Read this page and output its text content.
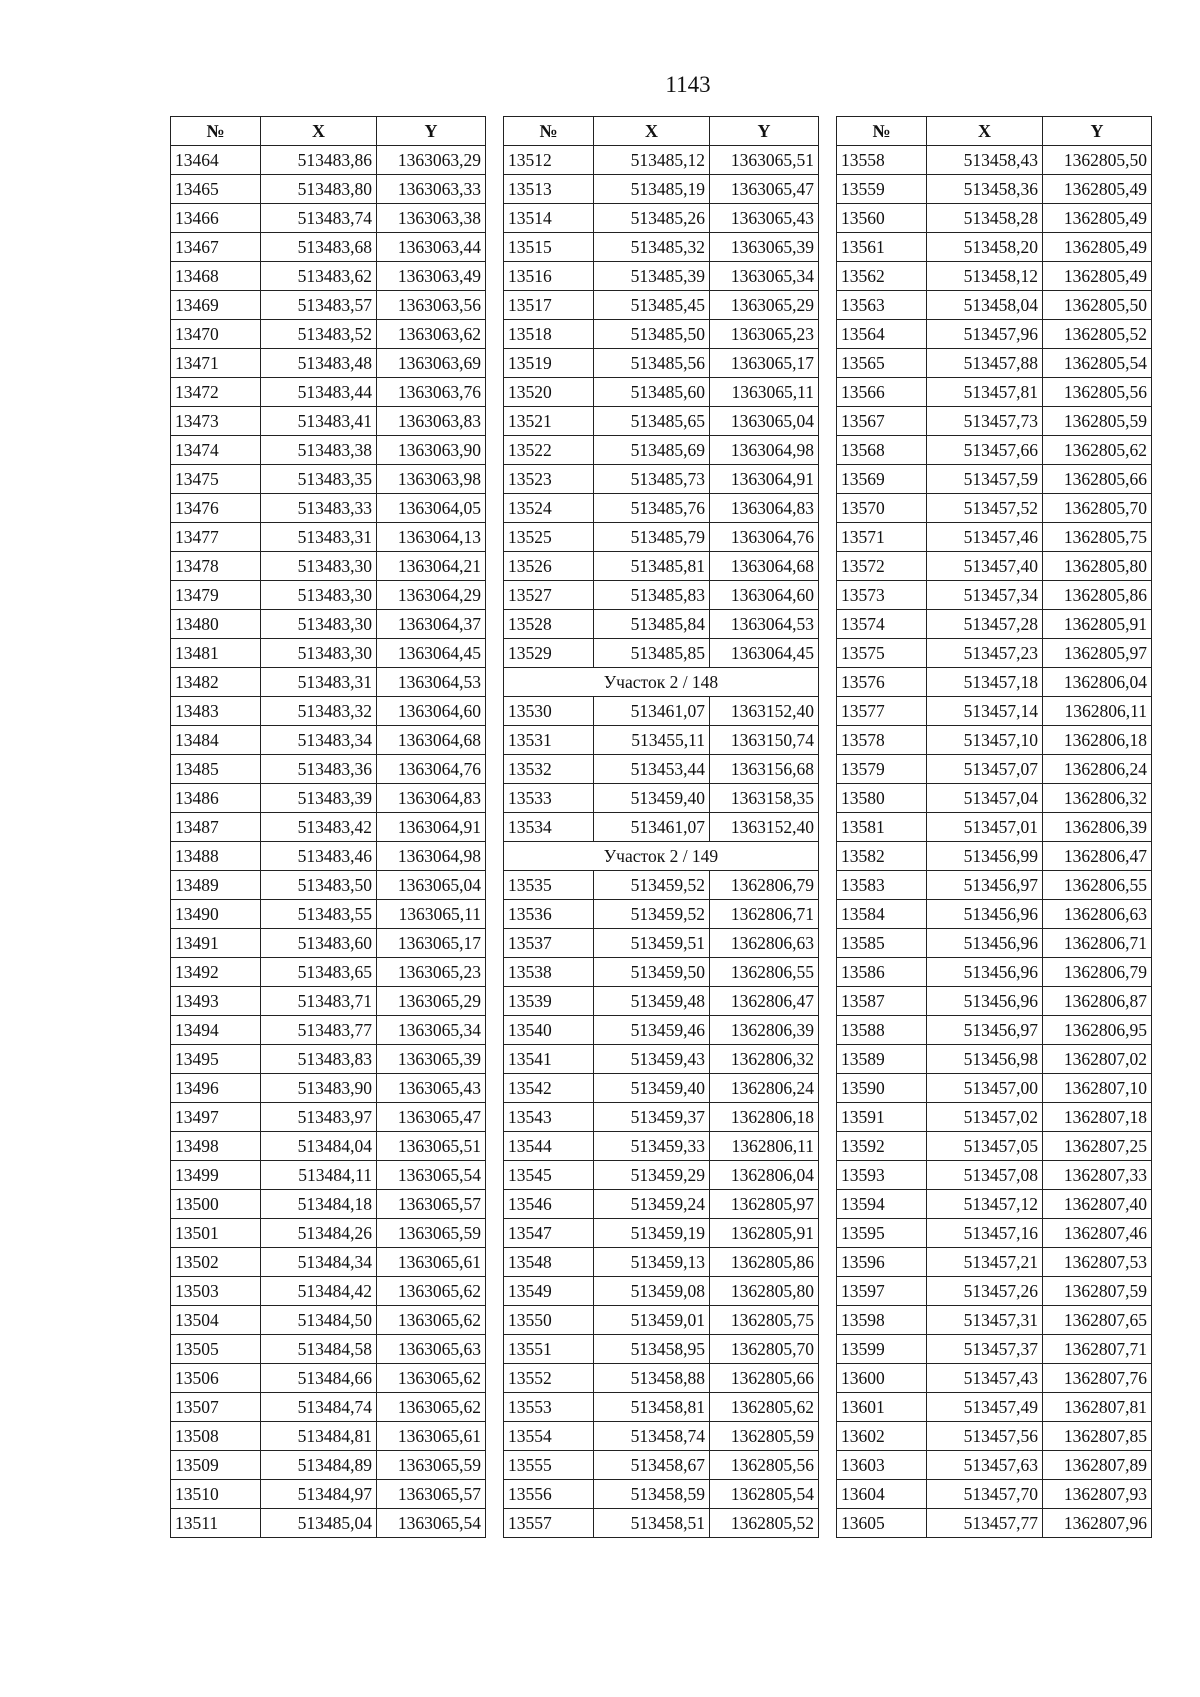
1143
№	X	Y
13464	513483,86	1363063,29
13465	513483,80	1363063,33
13466	513483,74	1363063,38
13467	513483,68	1363063,44
13468	513483,62	1363063,49
13469	513483,57	1363063,56
13470	513483,52	1363063,62
13471	513483,48	1363063,69
13472	513483,44	1363063,76
13473	513483,41	1363063,83
13474	513483,38	1363063,90
13475	513483,35	1363063,98
13476	513483,33	1363064,05
13477	513483,31	1363064,13
13478	513483,30	1363064,21
13479	513483,30	1363064,29
13480	513483,30	1363064,37
13481	513483,30	1363064,45
13482	513483,31	1363064,53
13483	513483,32	1363064,60
13484	513483,34	1363064,68
13485	513483,36	1363064,76
13486	513483,39	1363064,83
13487	513483,42	1363064,91
13488	513483,46	1363064,98
13489	513483,50	1363065,04
13490	513483,55	1363065,11
13491	513483,60	1363065,17
13492	513483,65	1363065,23
13493	513483,71	1363065,29
13494	513483,77	1363065,34
13495	513483,83	1363065,39
13496	513483,90	1363065,43
13497	513483,97	1363065,47
13498	513484,04	1363065,51
13499	513484,11	1363065,54
13500	513484,18	1363065,57
13501	513484,26	1363065,59
13502	513484,34	1363065,61
13503	513484,42	1363065,62
13504	513484,50	1363065,62
13505	513484,58	1363065,63
13506	513484,66	1363065,62
13507	513484,74	1363065,62
13508	513484,81	1363065,61
13509	513484,89	1363065,59
13510	513484,97	1363065,57
13511	513485,04	1363065,54
№	X	Y
13512	513485,12	1363065,51
13513	513485,19	1363065,47
13514	513485,26	1363065,43
13515	513485,32	1363065,39
13516	513485,39	1363065,34
13517	513485,45	1363065,29
13518	513485,50	1363065,23
13519	513485,56	1363065,17
13520	513485,60	1363065,11
13521	513485,65	1363065,04
13522	513485,69	1363064,98
13523	513485,73	1363064,91
13524	513485,76	1363064,83
13525	513485,79	1363064,76
13526	513485,81	1363064,68
13527	513485,83	1363064,60
13528	513485,84	1363064,53
13529	513485,85	1363064,45
Участок 2 / 148		
13530	513461,07	1363152,40
13531	513455,11	1363150,74
13532	513453,44	1363156,68
13533	513459,40	1363158,35
13534	513461,07	1363152,40
Участок 2 / 149		
13535	513459,52	1362806,79
13536	513459,52	1362806,71
13537	513459,51	1362806,63
13538	513459,50	1362806,55
13539	513459,48	1362806,47
13540	513459,46	1362806,39
13541	513459,43	1362806,32
13542	513459,40	1362806,24
13543	513459,37	1362806,18
13544	513459,33	1362806,11
13545	513459,29	1362806,04
13546	513459,24	1362805,97
13547	513459,19	1362805,91
13548	513459,13	1362805,86
13549	513459,08	1362805,80
13550	513459,01	1362805,75
13551	513458,95	1362805,70
13552	513458,88	1362805,66
13553	513458,81	1362805,62
13554	513458,74	1362805,59
13555	513458,67	1362805,56
13556	513458,59	1362805,54
13557	513458,51	1362805,52
№	X	Y
13558	513458,43	1362805,50
13559	513458,36	1362805,49
13560	513458,28	1362805,49
13561	513458,20	1362805,49
13562	513458,12	1362805,49
13563	513458,04	1362805,50
13564	513457,96	1362805,52
13565	513457,88	1362805,54
13566	513457,81	1362805,56
13567	513457,73	1362805,59
13568	513457,66	1362805,62
13569	513457,59	1362805,66
13570	513457,52	1362805,70
13571	513457,46	1362805,75
13572	513457,40	1362805,80
13573	513457,34	1362805,86
13574	513457,28	1362805,91
13575	513457,23	1362805,97
13576	513457,18	1362806,04
13577	513457,14	1362806,11
13578	513457,10	1362806,18
13579	513457,07	1362806,24
13580	513457,04	1362806,32
13581	513457,01	1362806,39
13582	513456,99	1362806,47
13583	513456,97	1362806,55
13584	513456,96	1362806,63
13585	513456,96	1362806,71
13586	513456,96	1362806,79
13587	513456,96	1362806,87
13588	513456,97	1362806,95
13589	513456,98	1362807,02
13590	513457,00	1362807,10
13591	513457,02	1362807,18
13592	513457,05	1362807,25
13593	513457,08	1362807,33
13594	513457,12	1362807,40
13595	513457,16	1362807,46
13596	513457,21	1362807,53
13597	513457,26	1362807,59
13598	513457,31	1362807,65
13599	513457,37	1362807,71
13600	513457,43	1362807,76
13601	513457,49	1362807,81
13602	513457,56	1362807,85
13603	513457,63	1362807,89
13604	513457,70	1362807,93
13605	513457,77	1362807,96
